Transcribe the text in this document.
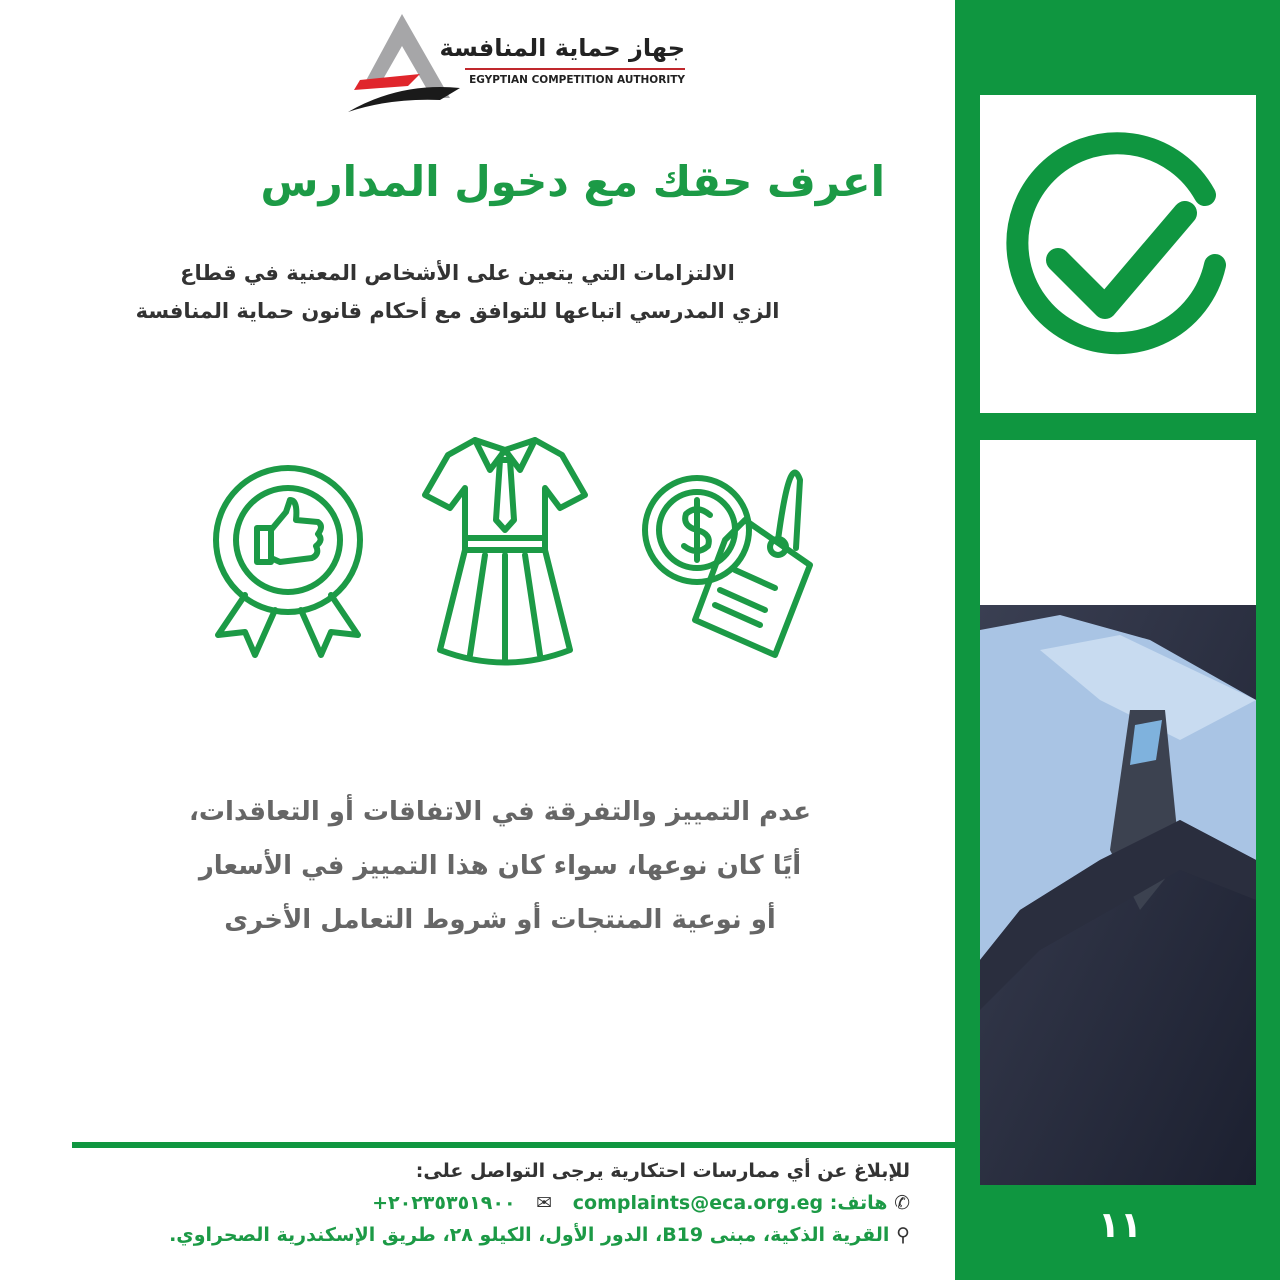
١١
جهاز حماية المنافسة
EGYPTIAN COMPETITION AUTHORITY
اعرف حقك مع دخول المدارس
الالتزامات التي يتعين على الأشخاص المعنية في قطاع
الزي المدرسي اتباعها للتوافق مع أحكام قانون حماية المنافسة
عدم التمييز والتفرقة في الاتفاقات أو التعاقدات،
أيًا كان نوعها، سواء كان هذا التمييز في الأسعار
أو نوعية المنتجات أو شروط التعامل الأخرى
للإبلاغ عن أي ممارسات احتكارية يرجى التواصل على:
✆ هاتف: +٢٠٢٣٥٣٥١٩٠٠ ✉ complaints@eca.org.eg
⚲ القرية الذكية، مبنى B19، الدور الأول، الكيلو ٢٨، طريق الإسكندرية الصحراوي.
